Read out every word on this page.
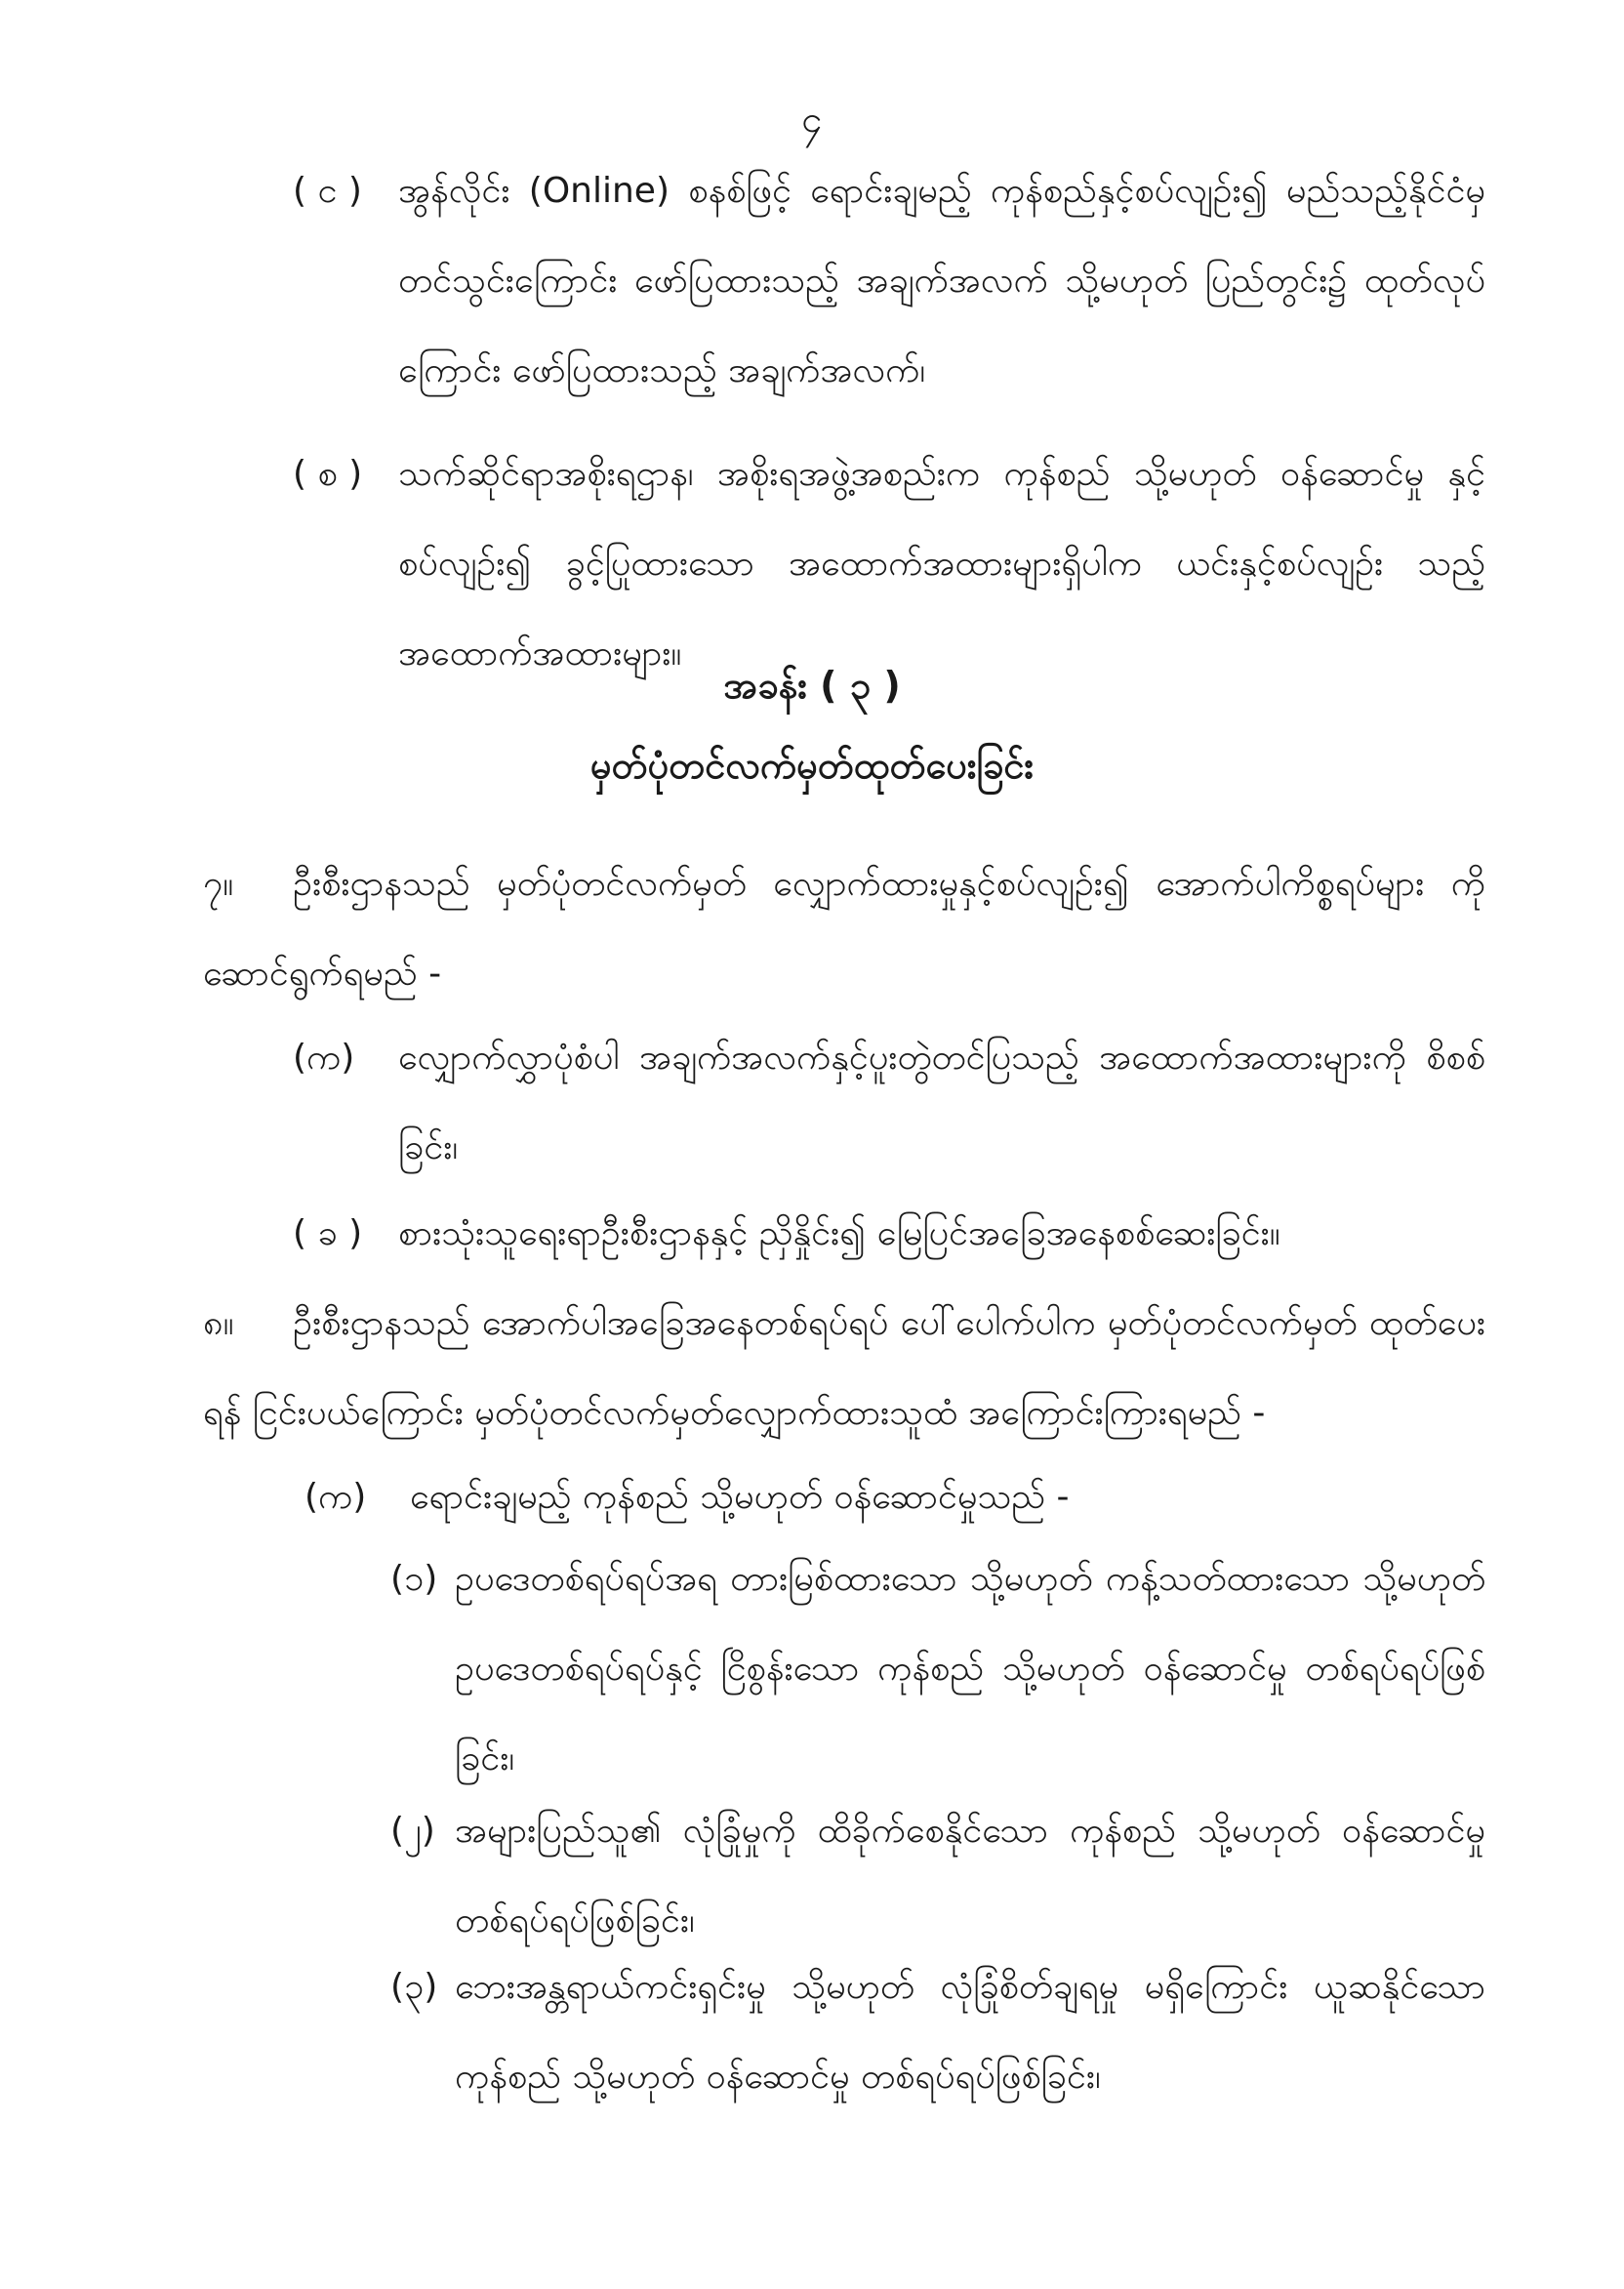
၄
( င ) အွန်လိုင်း (Online) စနစ်ဖြင့် ရောင်းချမည့် ကုန်စည်နှင့်စပ်လျဉ်း၍ မည်သည့်နိုင်ငံမှ တင်သွင်းကြောင်း ဖော်ပြထားသည့် အချက်အလက် သို့မဟုတ် ပြည်တွင်း၌ ထုတ်လုပ်ကြောင်း ဖော်ပြထားသည့် အချက်အလက်၊
( စ ) သက်ဆိုင်ရာအစိုးရဌာန၊ အစိုးရအဖွဲ့အစည်းက ကုန်စည် သို့မဟုတ် ဝန်ဆောင်မှု နှင့်စပ်လျဉ်း၍ ခွင့်ပြုထားသော အထောက်အထားများရှိပါက ယင်းနှင့်စပ်လျဉ်း သည့် အထောက်အထားများ။
အခန်း ( ၃ )
မှတ်ပုံတင်လက်မှတ်ထုတ်ပေးခြင်း
၇။	ဦးစီးဌာနသည် မှတ်ပုံတင်လက်မှတ် လျှောက်ထားမှုနှင့်စပ်လျဉ်း၍ အောက်ပါကိစ္စရပ်များ ကို ဆောင်ရွက်ရမည် -
(က) လျှောက်လွှာပုံစံပါ အချက်အလက်နှင့်ပူးတွဲတင်ပြသည့် အထောက်အထားများကို စိစစ်ခြင်း၊
( ခ ) စားသုံးသူရေးရာဦးစီးဌာနနှင့် ညှိနှိုင်း၍ မြေပြင်အခြေအနေစစ်ဆေးခြင်း။
၈။	ဦးစီးဌာနသည် အောက်ပါအခြေအနေတစ်ရပ်ရပ် ပေါ်ပေါက်ပါက မှတ်ပုံတင်လက်မှတ် ထုတ်ပေးရန် ငြင်းပယ်ကြောင်း မှတ်ပုံတင်လက်မှတ်လျှောက်ထားသူထံ အကြောင်းကြားရမည် -
(က) ရောင်းချမည့် ကုန်စည် သို့မဟုတ် ဝန်ဆောင်မှုသည် -
(၁) ဥပဒေတစ်ရပ်ရပ်အရ တားမြစ်ထားသော သို့မဟုတ် ကန့်သတ်ထားသော သို့မဟုတ် ဥပဒေတစ်ရပ်ရပ်နှင့် ငြိစွန်းသော ကုန်စည် သို့မဟုတ် ဝန်ဆောင်မှု တစ်ရပ်ရပ်ဖြစ်ခြင်း၊
(၂) အများပြည်သူ၏ လုံခြုံမှုကို ထိခိုက်စေနိုင်သော ကုန်စည် သို့မဟုတ် ဝန်ဆောင်မှု တစ်ရပ်ရပ်ဖြစ်ခြင်း၊
(၃) ဘေးအန္တရာယ်ကင်းရှင်းမှု သို့မဟုတ် လုံခြုံစိတ်ချရမှု မရှိကြောင်း ယူဆနိုင်သော ကုန်စည် သို့မဟုတ် ဝန်ဆောင်မှု တစ်ရပ်ရပ်ဖြစ်ခြင်း၊
